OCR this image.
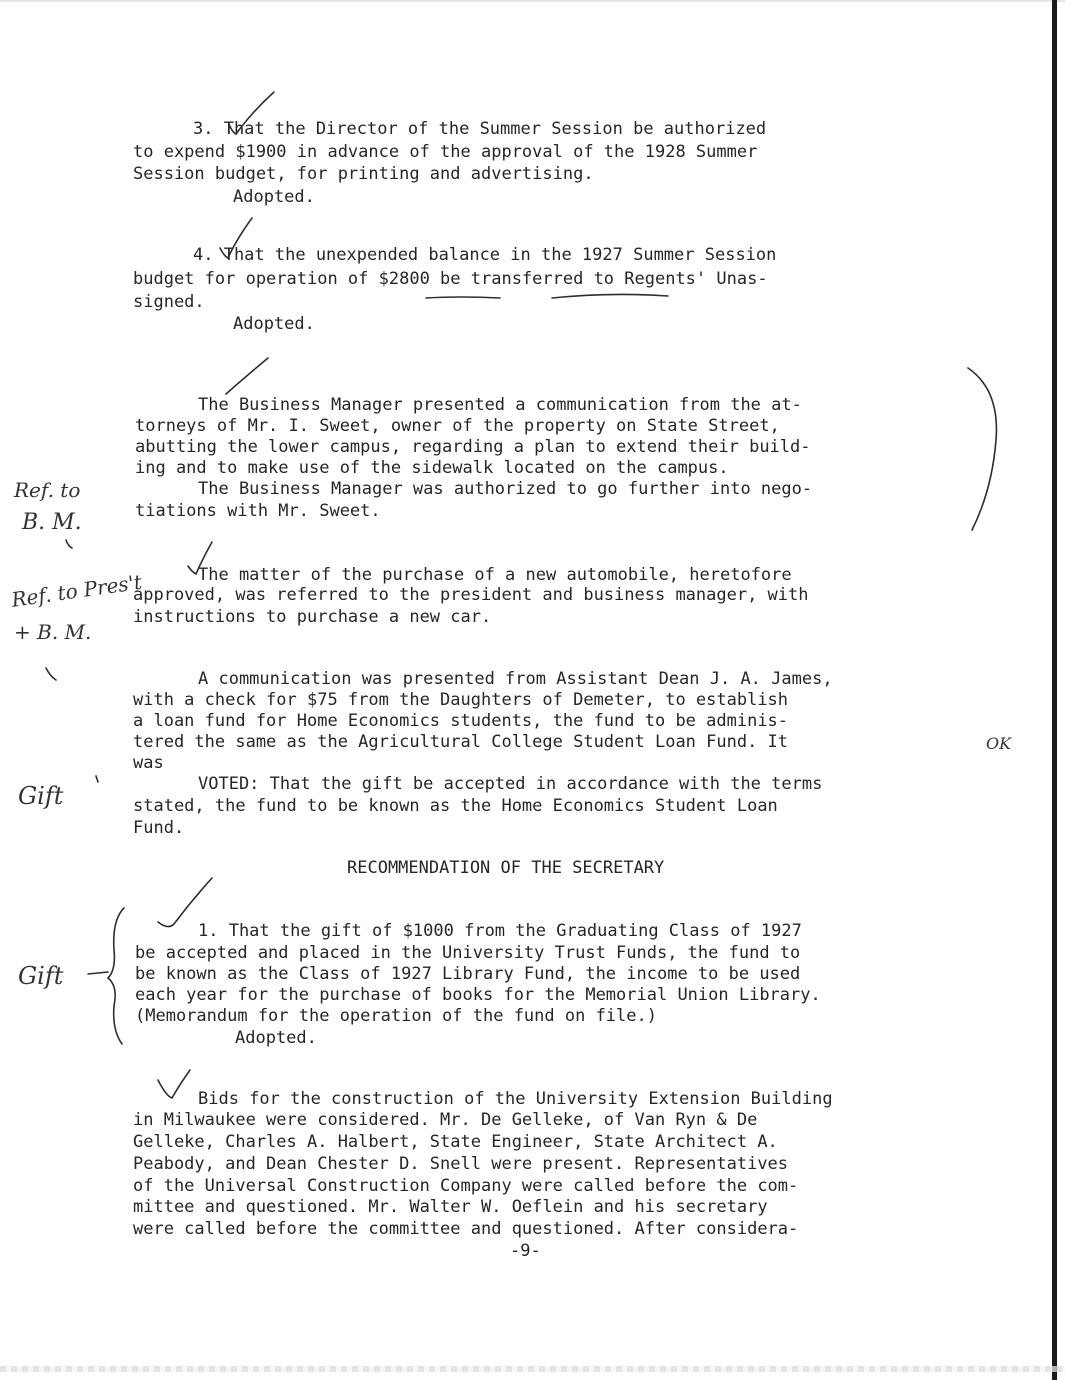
3. That the Director of the Summer Session be authorized
to expend $1900 in advance of the approval of the 1928 Summer
Session budget, for printing and advertising.
Adopted.
4. That the unexpended balance in the 1927 Summer Session
budget for operation of $2800 be transferred to Regents' Unas-
signed.
Adopted.
The Business Manager presented a communication from the at-
torneys of Mr. I. Sweet, owner of the property on State Street,
abutting the lower campus, regarding a plan to extend their build-
ing and to make use of the sidewalk located on the campus.
The Business Manager was authorized to go further into nego-
tiations with Mr. Sweet.
The matter of the purchase of a new automobile, heretofore
approved, was referred to the president and business manager, with
instructions to purchase a new car.
A communication was presented from Assistant Dean J. A. James,
with a check for $75 from the Daughters of Demeter, to establish
a loan fund for Home Economics students, the fund to be adminis-
tered the same as the Agricultural College Student Loan Fund. It
was
VOTED: That the gift be accepted in accordance with the terms
stated, the fund to be known as the Home Economics Student Loan
Fund.
RECOMMENDATION OF THE SECRETARY
1. That the gift of $1000 from the Graduating Class of 1927
be accepted and placed in the University Trust Funds, the fund to
be known as the Class of 1927 Library Fund, the income to be used
each year for the purchase of books for the Memorial Union Library.
(Memorandum for the operation of the fund on file.)
Adopted.
Bids for the construction of the University Extension Building
in Milwaukee were considered. Mr. De Gelleke, of Van Ryn & De
Gelleke, Charles A. Halbert, State Engineer, State Architect A.
Peabody, and Dean Chester D. Snell were present. Representatives
of the Universal Construction Company were called before the com-
mittee and questioned. Mr. Walter W. Oeflein and his secretary
were called before the committee and questioned. After considera-
-9-
Ref. to
B. M.
Ref. to Pres't
+ B. M.
Gift
Gift
OK
